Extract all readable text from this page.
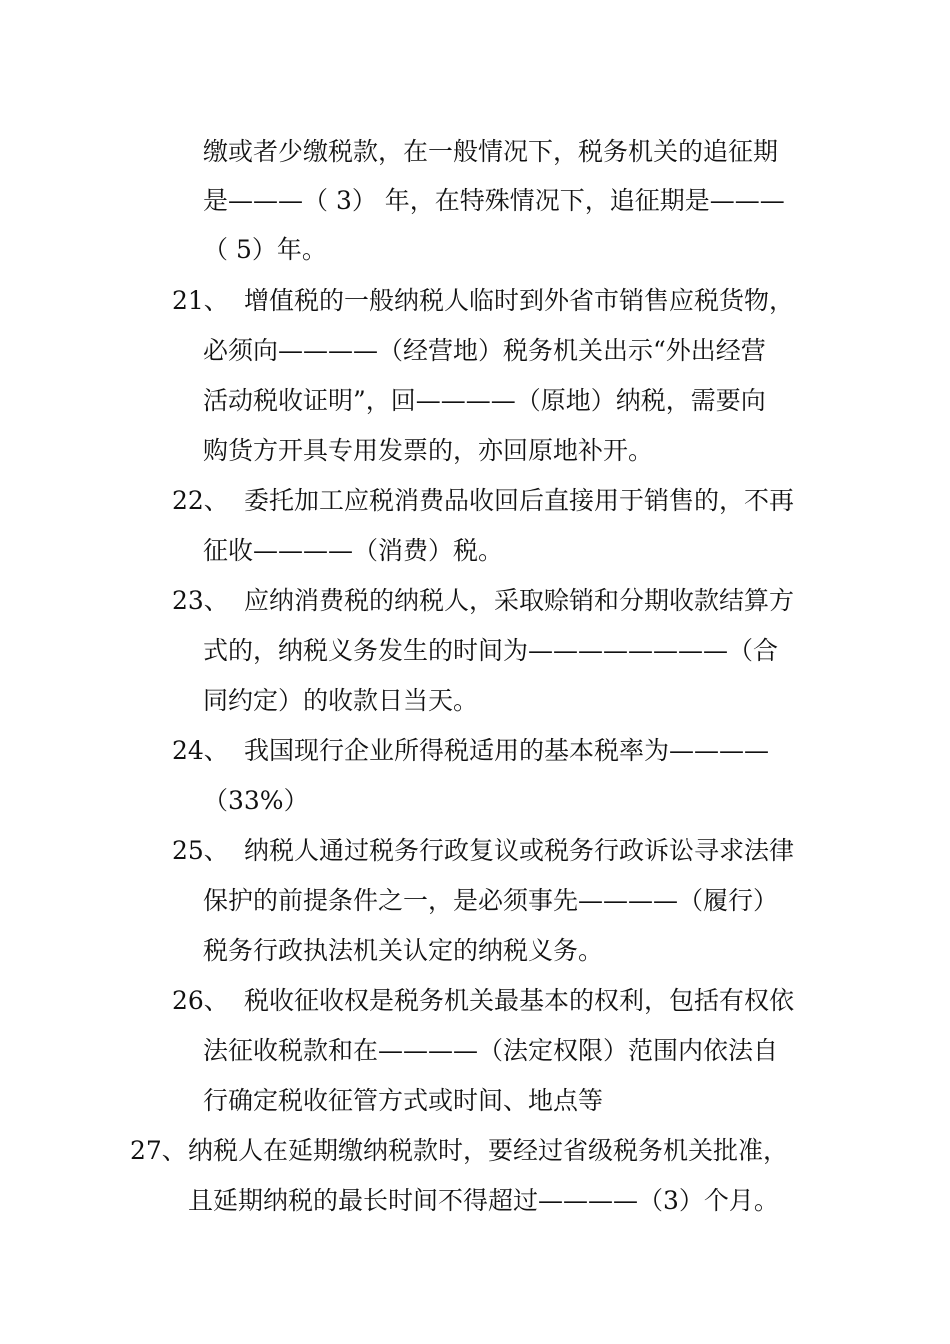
缴或者少缴税款，在一般情况下，税务机关的追征期
是———（ 3） 年，在特殊情况下，追征期是———
（ 5）年。
21、 增值税的一般纳税人临时到外省市销售应税货物，
必须向————（经营地）税务机关出示“外出经营
活动税收证明”，回————（原地）纳税，需要向
购货方开具专用发票的，亦回原地补开。
22、 委托加工应税消费品收回后直接用于销售的，不再
征收————（消费）税。
23、 应纳消费税的纳税人，采取赊销和分期收款结算方
式的，纳税义务发生的时间为————————（合
同约定）的收款日当天。
24、 我国现行企业所得税适用的基本税率为————
（33%）
25、 纳税人通过税务行政复议或税务行政诉讼寻求法律
保护的前提条件之一，是必须事先————（履行）
税务行政执法机关认定的纳税义务。
26、 税收征收权是税务机关最基本的权利，包括有权依
法征收税款和在————（法定权限）范围内依法自
行确定税收征管方式或时间、地点等
27、 纳税人在延期缴纳税款时，要经过省级税务机关批准，
且延期纳税的最长时间不得超过————（3）个月。
